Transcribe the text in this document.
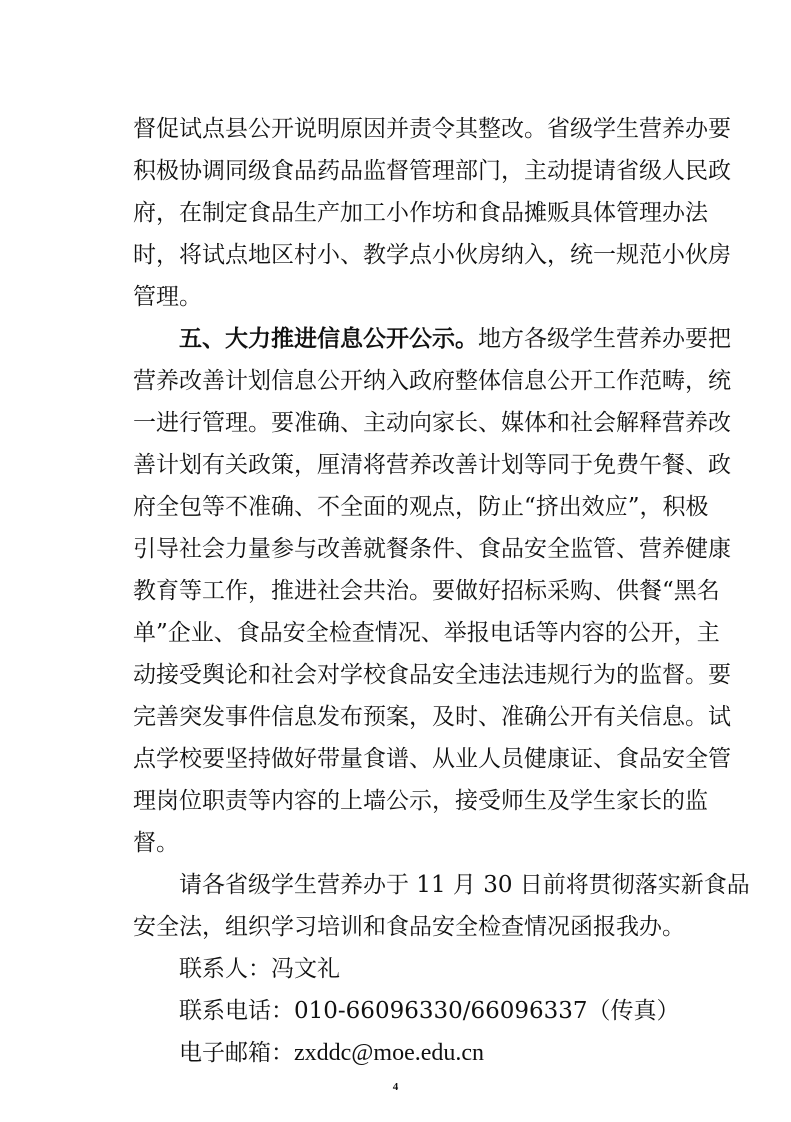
督促试点县公开说明原因并责令其整改。省级学生营养办要
积极协调同级食品药品监督管理部门，主动提请省级人民政
府，在制定食品生产加工小作坊和食品摊贩具体管理办法
时，将试点地区村小、教学点小伙房纳入，统一规范小伙房
管理。
五、大力推进信息公开公示。地方各级学生营养办要把
营养改善计划信息公开纳入政府整体信息公开工作范畴，统
一进行管理。要准确、主动向家长、媒体和社会解释营养改
善计划有关政策，厘清将营养改善计划等同于免费午餐、政
府全包等不准确、不全面的观点，防止“挤出效应”，积极
引导社会力量参与改善就餐条件、食品安全监管、营养健康
教育等工作，推进社会共治。要做好招标采购、供餐“黑名
单”企业、食品安全检查情况、举报电话等内容的公开，主
动接受舆论和社会对学校食品安全违法违规行为的监督。要
完善突发事件信息发布预案，及时、准确公开有关信息。试
点学校要坚持做好带量食谱、从业人员健康证、食品安全管
理岗位职责等内容的上墙公示，接受师生及学生家长的监
督。
请各省级学生营养办于 11 月 30 日前将贯彻落实新食品
安全法，组织学习培训和食品安全检查情况函报我办。
联系人：冯文礼
联系电话：010-66096330/66096337（传真）
电子邮箱：zxddc@moe.edu.cn
4
